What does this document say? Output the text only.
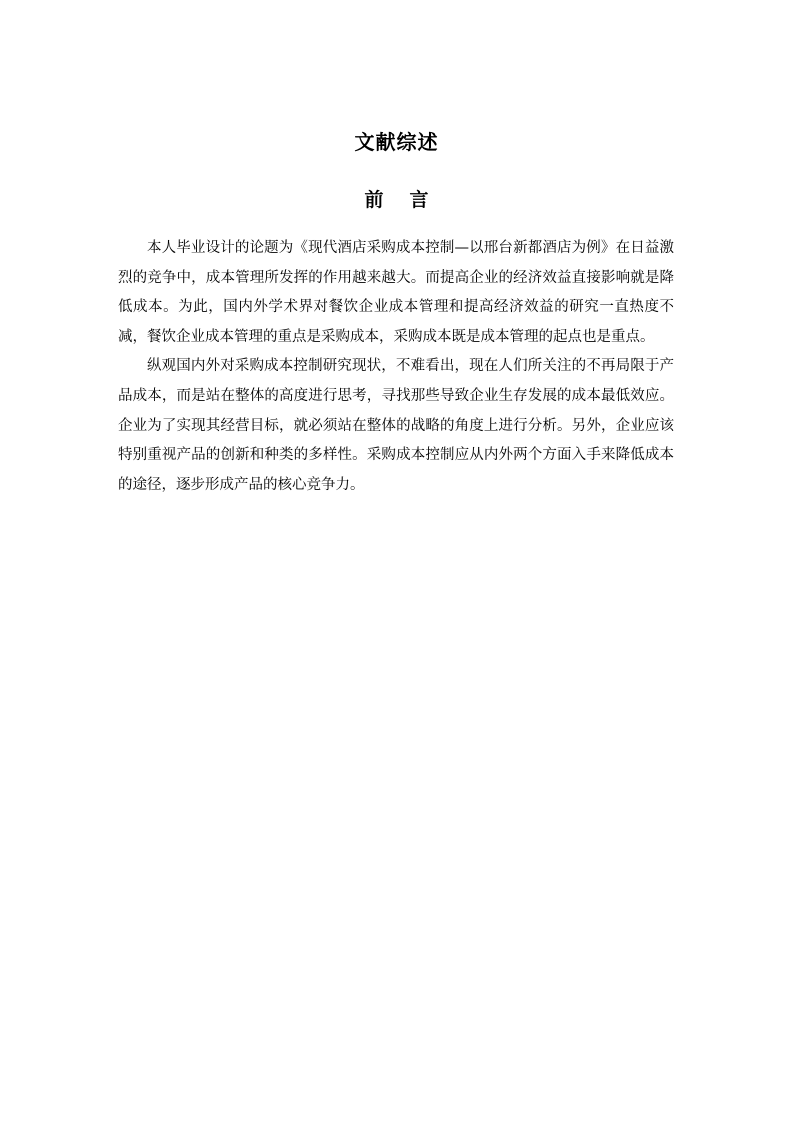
文献综述
前 言

本人毕业设计的论题为《现代酒店采购成本控制—以邢台新都酒店为例》在日益激烈的竞争中，成本管理所发挥的作用越来越大。而提高企业的经济效益直接影响就是降低成本。为此，国内外学术界对餐饮企业成本管理和提高经济效益的研究一直热度不减，餐饮企业成本管理的重点是采购成本，采购成本既是成本管理的起点也是重点。

纵观国内外对采购成本控制研究现状，不难看出，现在人们所关注的不再局限于产品成本，而是站在整体的高度进行思考，寻找那些导致企业生存发展的成本最低效应。企业为了实现其经营目标，就必须站在整体的战略的角度上进行分析。另外，企业应该特别重视产品的创新和种类的多样性。采购成本控制应从内外两个方面入手来降低成本的途径，逐步形成产品的核心竞争力。
